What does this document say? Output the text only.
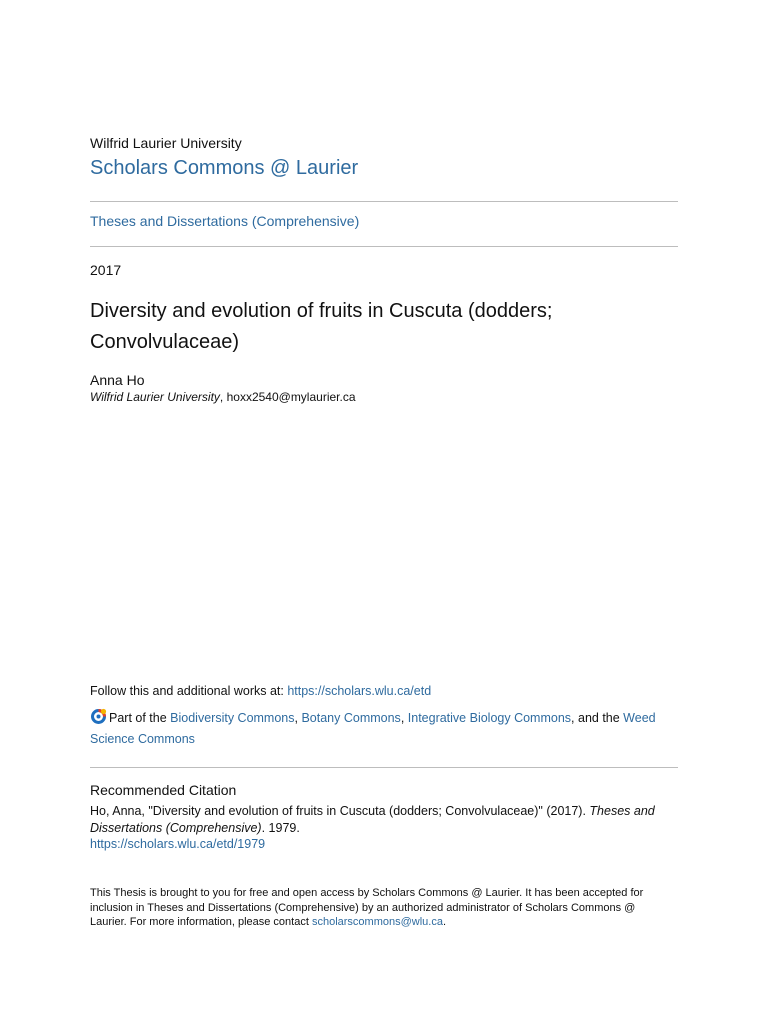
Wilfrid Laurier University
Scholars Commons @ Laurier
Theses and Dissertations (Comprehensive)
2017
Diversity and evolution of fruits in Cuscuta (dodders; Convolvulaceae)
Anna Ho
Wilfrid Laurier University, hoxx2540@mylaurier.ca
Follow this and additional works at: https://scholars.wlu.ca/etd
Part of the Biodiversity Commons, Botany Commons, Integrative Biology Commons, and the Weed Science Commons
Recommended Citation
Ho, Anna, "Diversity and evolution of fruits in Cuscuta (dodders; Convolvulaceae)" (2017). Theses and Dissertations (Comprehensive). 1979.
https://scholars.wlu.ca/etd/1979
This Thesis is brought to you for free and open access by Scholars Commons @ Laurier. It has been accepted for inclusion in Theses and Dissertations (Comprehensive) by an authorized administrator of Scholars Commons @ Laurier. For more information, please contact scholarscommons@wlu.ca.
